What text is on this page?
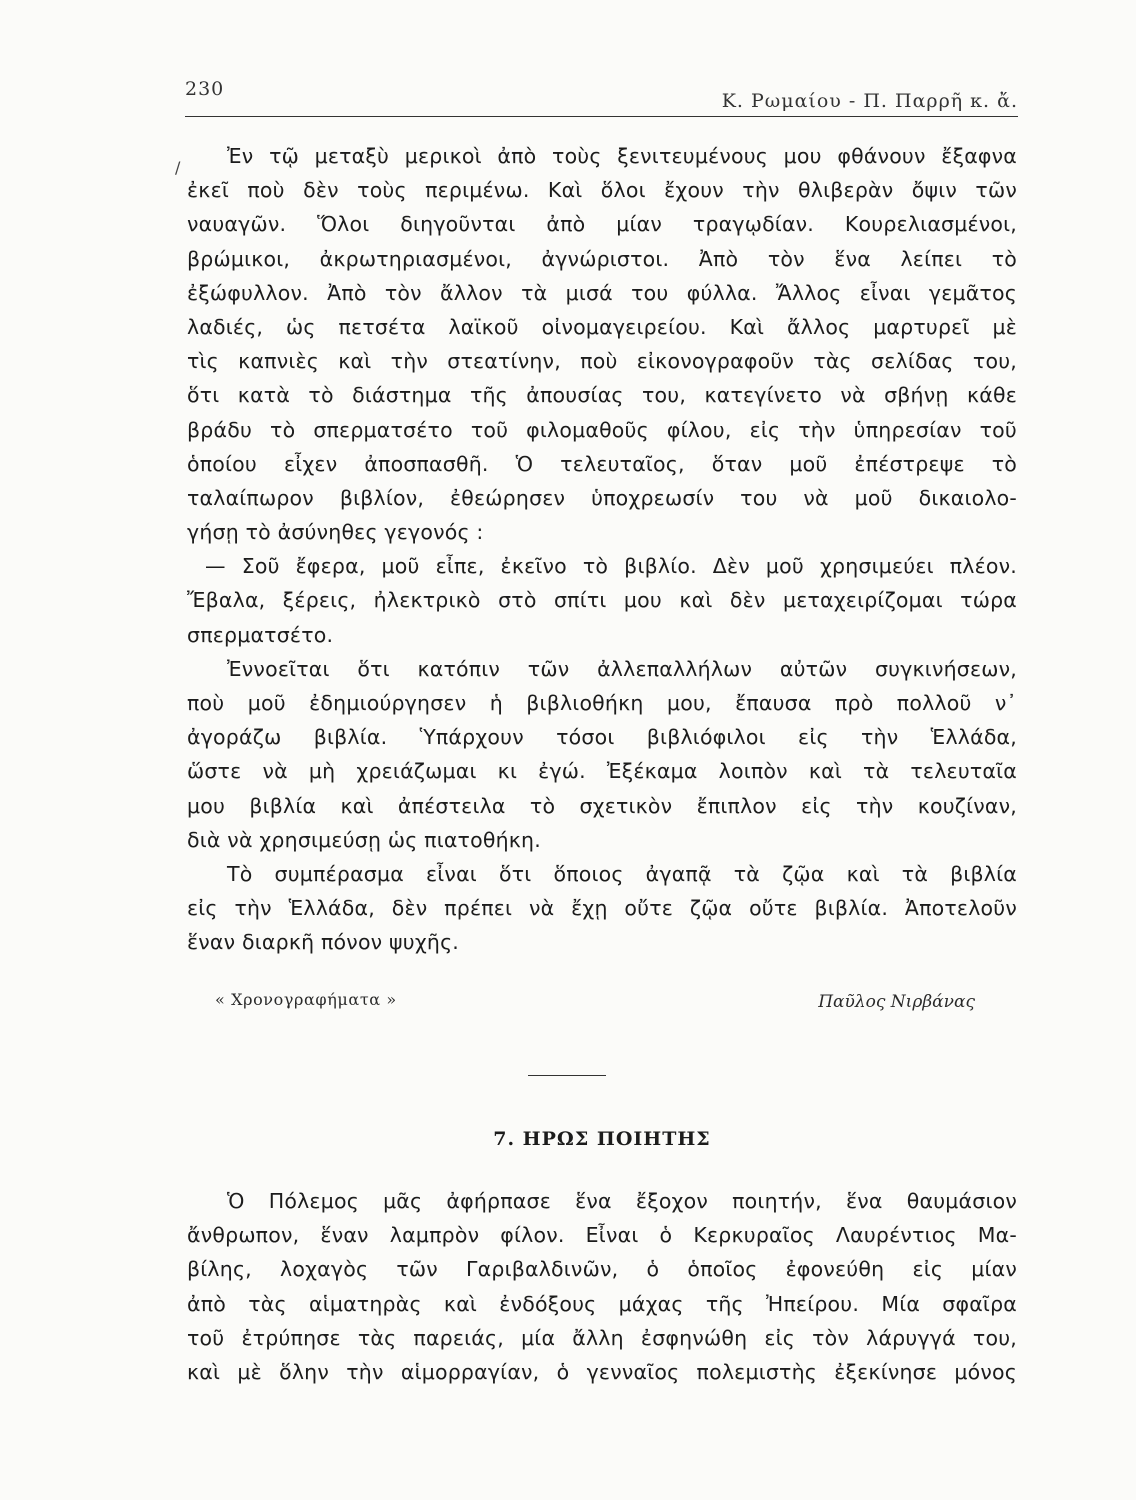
230
Κ. Ρωμαίου - Π. Παρρῆ κ. ἄ.
/	Ἐν τῷ μεταξὺ μερικοὶ ἀπὸ τοὺς ξενιτευμένους μου φθάνουν ἔξαφνα
ἐκεῖ ποὺ δὲν τοὺς περιμένω. Καὶ ὅλοι ἔχουν τὴν θλιβερὰν ὄψιν τῶν
ναυαγῶν. Ὅλοι διηγοῦνται ἀπὸ μίαν τραγῳδίαν. Κουρελιασμένοι,
βρώμικοι, ἀκρωτηριασμένοι, ἀγνώριστοι. Ἀπὸ τὸν ἕνα λείπει τὸ
ἐξώφυλλον. Ἀπὸ τὸν ἄλλον τὰ μισά του φύλλα. Ἄλλος εἶναι γεμᾶτος
λαδιές, ὡς πετσέτα λαϊκοῦ οἰνομαγειρείου. Καὶ ἄλλος μαρτυρεῖ μὲ
τὶς καπνιὲς καὶ τὴν στεατίνην, ποὺ εἰκονογραφοῦν τὰς σελίδας του,
ὅτι κατὰ τὸ διάστημα τῆς ἀπουσίας του, κατεγίνετο νὰ σβήνῃ κάθε
βράδυ τὸ σπερματσέτο τοῦ φιλομαθοῦς φίλου, εἰς τὴν ὑπηρεσίαν τοῦ
ὁποίου εἶχεν ἀποσπασθῆ. Ὁ τελευταῖος, ὅταν μοῦ ἐπέστρεψε τὸ
ταλαίπωρον βιβλίον, ἐθεώρησεν ὑποχρεωσίν του νὰ μοῦ δικαιολο-
γήσῃ τὸ ἀσύνηθες γεγονός :
— Σοῦ ἔφερα, μοῦ εἶπε, ἐκεῖνο τὸ βιβλίο. Δὲν μοῦ χρησιμεύει πλέον.
Ἔβαλα, ξέρεις, ἠλεκτρικὸ στὸ σπίτι μου καὶ δὲν μεταχειρίζομαι τώρα
σπερματσέτο.
Ἐννοεῖται ὅτι κατόπιν τῶν ἀλλεπαλλήλων αὐτῶν συγκινήσεων,
ποὺ μοῦ ἐδημιούργησεν ἡ βιβλιοθήκη μου, ἔπαυσα πρὸ πολλοῦ ν᾿
ἀγοράζω βιβλία. Ὑπάρχουν τόσοι βιβλιόφιλοι εἰς τὴν Ἑλλάδα,
ὥστε νὰ μὴ χρειάζωμαι κι ἐγώ. Ἐξέκαμα λοιπὸν καὶ τὰ τελευταῖα
μου βιβλία καὶ ἀπέστειλα τὸ σχετικὸν ἔπιπλον εἰς τὴν κουζίναν,
διὰ νὰ χρησιμεύσῃ ὡς πιατοθήκη.
Τὸ συμπέρασμα εἶναι ὅτι ὅποιος ἀγαπᾷ τὰ ζῷα καὶ τὰ βιβλία
εἰς τὴν Ἑλλάδα, δὲν πρέπει νὰ ἔχῃ οὔτε ζῷα οὔτε βιβλία. Ἀποτελοῦν
ἕναν διαρκῆ πόνον ψυχῆς.
« Χρονογραφήματα »	Παῦλος Νιρβάνας
7. ΗΡΩΣ ΠΟΙΗΤΗΣ
Ὁ Πόλεμος μᾶς ἀφήρπασε ἕνα ἔξοχον ποιητήν, ἕνα θαυμάσιον
ἄνθρωπον, ἕναν λαμπρὸν φίλον. Εἶναι ὁ Κερκυραῖος Λαυρέντιος Μα-
βίλης, λοχαγὸς τῶν Γαριβαλδινῶν, ὁ ὁποῖος ἐφονεύθη εἰς μίαν
ἀπὸ τὰς αἱματηρὰς καὶ ἐνδόξους μάχας τῆς Ἠπείρου. Μία σφαῖρα
τοῦ ἐτρύπησε τὰς παρειάς, μία ἄλλη ἐσφηνώθη εἰς τὸν λάρυγγά του,
καὶ μὲ ὅλην τὴν αἱμορραγίαν, ὁ γενναῖος πολεμιστὴς ἐξεκίνησε μόνος
